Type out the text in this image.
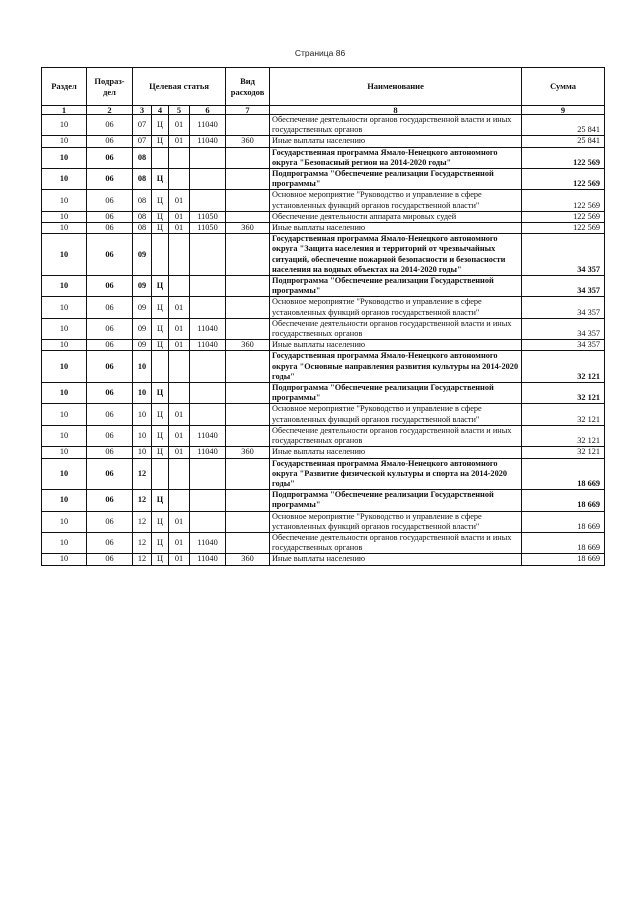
Страница 86
Раздел	Подраз-дел	Целевая статья				Вид расходов	Наименование	Сумма
1	2	3	4	5	6	7	8	9
10	06	07	Ц	01	11040		Обеспечение деятельности органов государственной власти и иных государственных органов	25 841
10	06	07	Ц	01	11040	360	Иные выплаты населению	25 841
10	06	08					Государственная программа Ямало-Ненецкого автономного округа "Безопасный регион на 2014-2020 годы"	122 569
10	06	08	Ц				Подпрограмма "Обеспечение реализации Государственной программы"	122 569
10	06	08	Ц	01			Основное мероприятие "Руководство и управление в сфере установленных функций органов государственной власти"	122 569
10	06	08	Ц	01	11050		Обеспечение деятельности аппарата мировых судей	122 569
10	06	08	Ц	01	11050	360	Иные выплаты населению	122 569
10	06	09					Государственная программа Ямало-Ненецкого автономного округа "Защита населения и территорий от чрезвычайных ситуаций, обеспечение пожарной безопасности и безопасности населения на водных объектах на 2014-2020 годы"	34 357
10	06	09	Ц				Подпрограмма "Обеспечение реализации Государственной программы"	34 357
10	06	09	Ц	01			Основное мероприятие "Руководство и управление в сфере установленных функций органов государственной власти"	34 357
10	06	09	Ц	01	11040		Обеспечение деятельности органов государственной власти и иных государственных органов	34 357
10	06	09	Ц	01	11040	360	Иные выплаты населению	34 357
10	06	10					Государственная программа Ямало-Ненецкого автономного округа "Основные направления развития культуры на 2014-2020 годы"	32 121
10	06	10	Ц				Подпрограмма "Обеспечение реализации Государственной программы"	32 121
10	06	10	Ц	01			Основное мероприятие "Руководство и управление в сфере установленных функций органов государственной власти"	32 121
10	06	10	Ц	01	11040		Обеспечение деятельности органов государственной власти и иных государственных органов	32 121
10	06	10	Ц	01	11040	360	Иные выплаты населению	32 121
10	06	12					Государственная программа Ямало-Ненецкого автономного округа "Развитие физической культуры и спорта на 2014-2020 годы"	18 669
10	06	12	Ц				Подпрограмма "Обеспечение реализации Государственной программы"	18 669
10	06	12	Ц	01			Основное мероприятие "Руководство и управление в сфере установленных функций органов государственной власти"	18 669
10	06	12	Ц	01	11040		Обеспечение деятельности органов государственной власти и иных государственных органов	18 669
10	06	12	Ц	01	11040	360	Иные выплаты населению	18 669
